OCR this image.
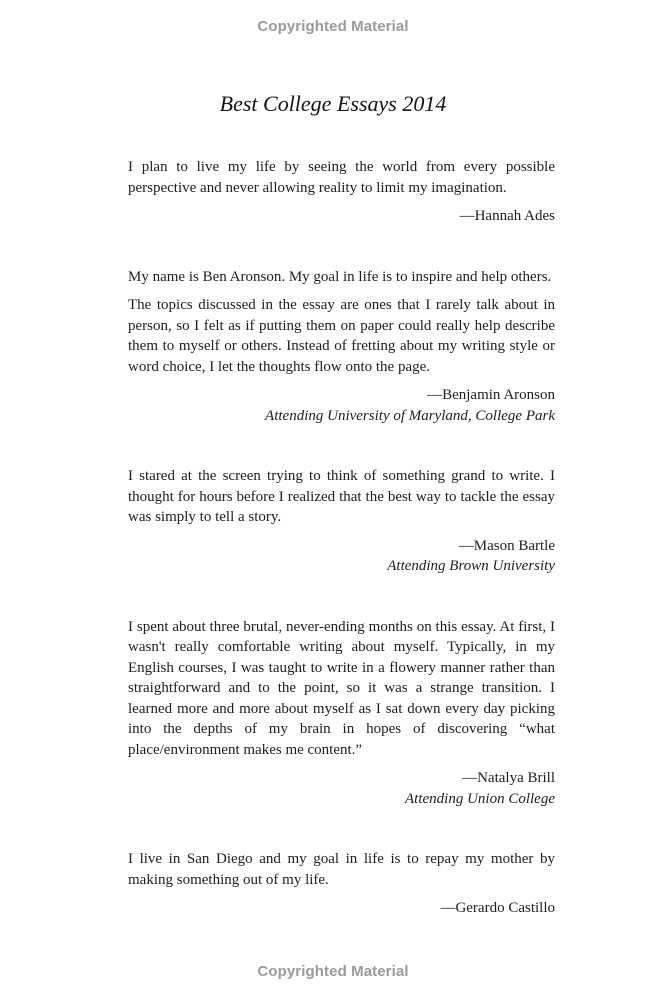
Copyrighted Material
Best College Essays 2014

I plan to live my life by seeing the world from every possible perspective and never allowing reality to limit my imagination.

—Hannah Ades

My name is Ben Aronson. My goal in life is to inspire and help others.

The topics discussed in the essay are ones that I rarely talk about in person, so I felt as if putting them on paper could really help describe them to myself or others. Instead of fretting about my writing style or word choice, I let the thoughts flow onto the page.

—Benjamin Aronson
Attending University of Maryland, College Park

I stared at the screen trying to think of something grand to write. I thought for hours before I realized that the best way to tackle the essay was simply to tell a story.

—Mason Bartle
Attending Brown University

I spent about three brutal, never-ending months on this essay. At first, I wasn't really comfortable writing about myself. Typically, in my English courses, I was taught to write in a flowery manner rather than straightforward and to the point, so it was a strange transition. I learned more and more about myself as I sat down every day picking into the depths of my brain in hopes of discovering “what place/environment makes me content.”

—Natalya Brill
Attending Union College

I live in San Diego and my goal in life is to repay my mother by making something out of my life.

—Gerardo Castillo
Copyrighted Material
